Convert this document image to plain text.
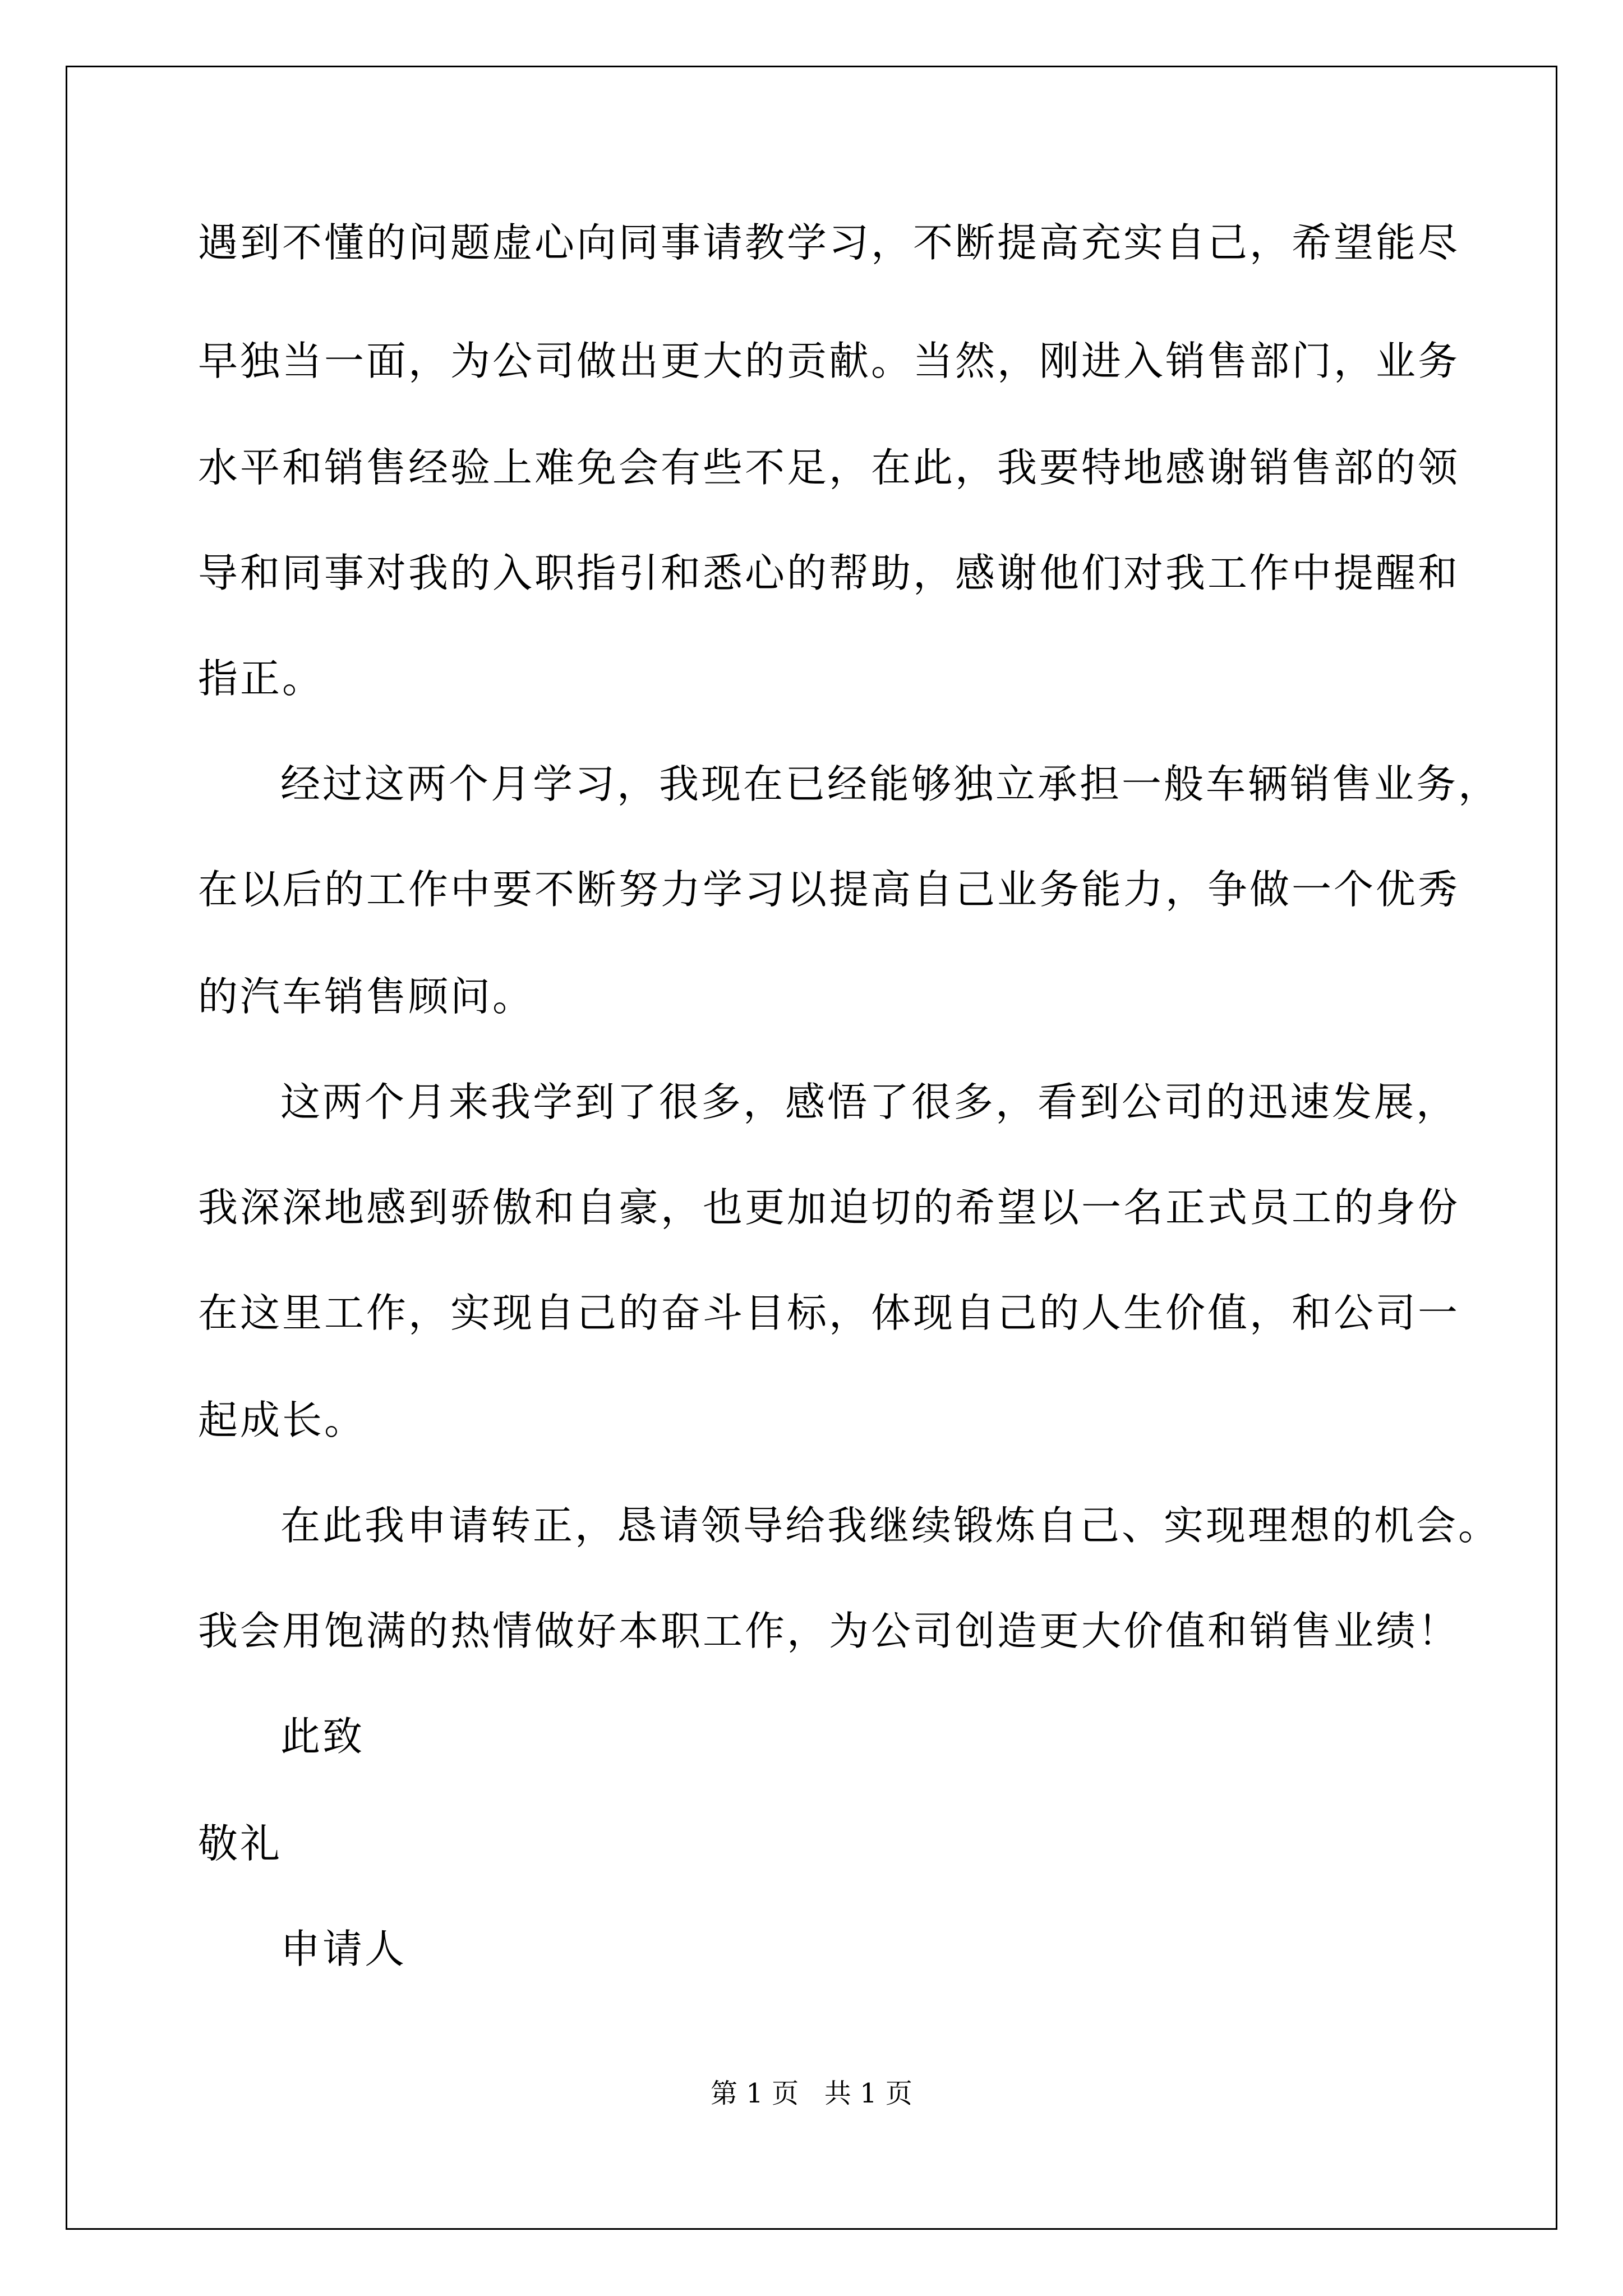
遇到不懂的问题虚心向同事请教学习，不断提高充实自己，希望能尽

早独当一面，为公司做出更大的贡献。当然，刚进入销售部门，业务

水平和销售经验上难免会有些不足，在此，我要特地感谢销售部的领

导和同事对我的入职指引和悉心的帮助，感谢他们对我工作中提醒和

指正。

经过这两个月学习，我现在已经能够独立承担一般车辆销售业务，

在以后的工作中要不断努力学习以提高自己业务能力，争做一个优秀

的汽车销售顾问。

这两个月来我学到了很多，感悟了很多，看到公司的迅速发展，

我深深地感到骄傲和自豪，也更加迫切的希望以一名正式员工的身份

在这里工作，实现自己的奋斗目标，体现自己的人生价值，和公司一

起成长。

在此我申请转正，恳请领导给我继续锻炼自己、实现理想的机会。

我会用饱满的热情做好本职工作，为公司创造更大价值和销售业绩！

此致

敬礼

申请人

第 1 页   共 1 页
